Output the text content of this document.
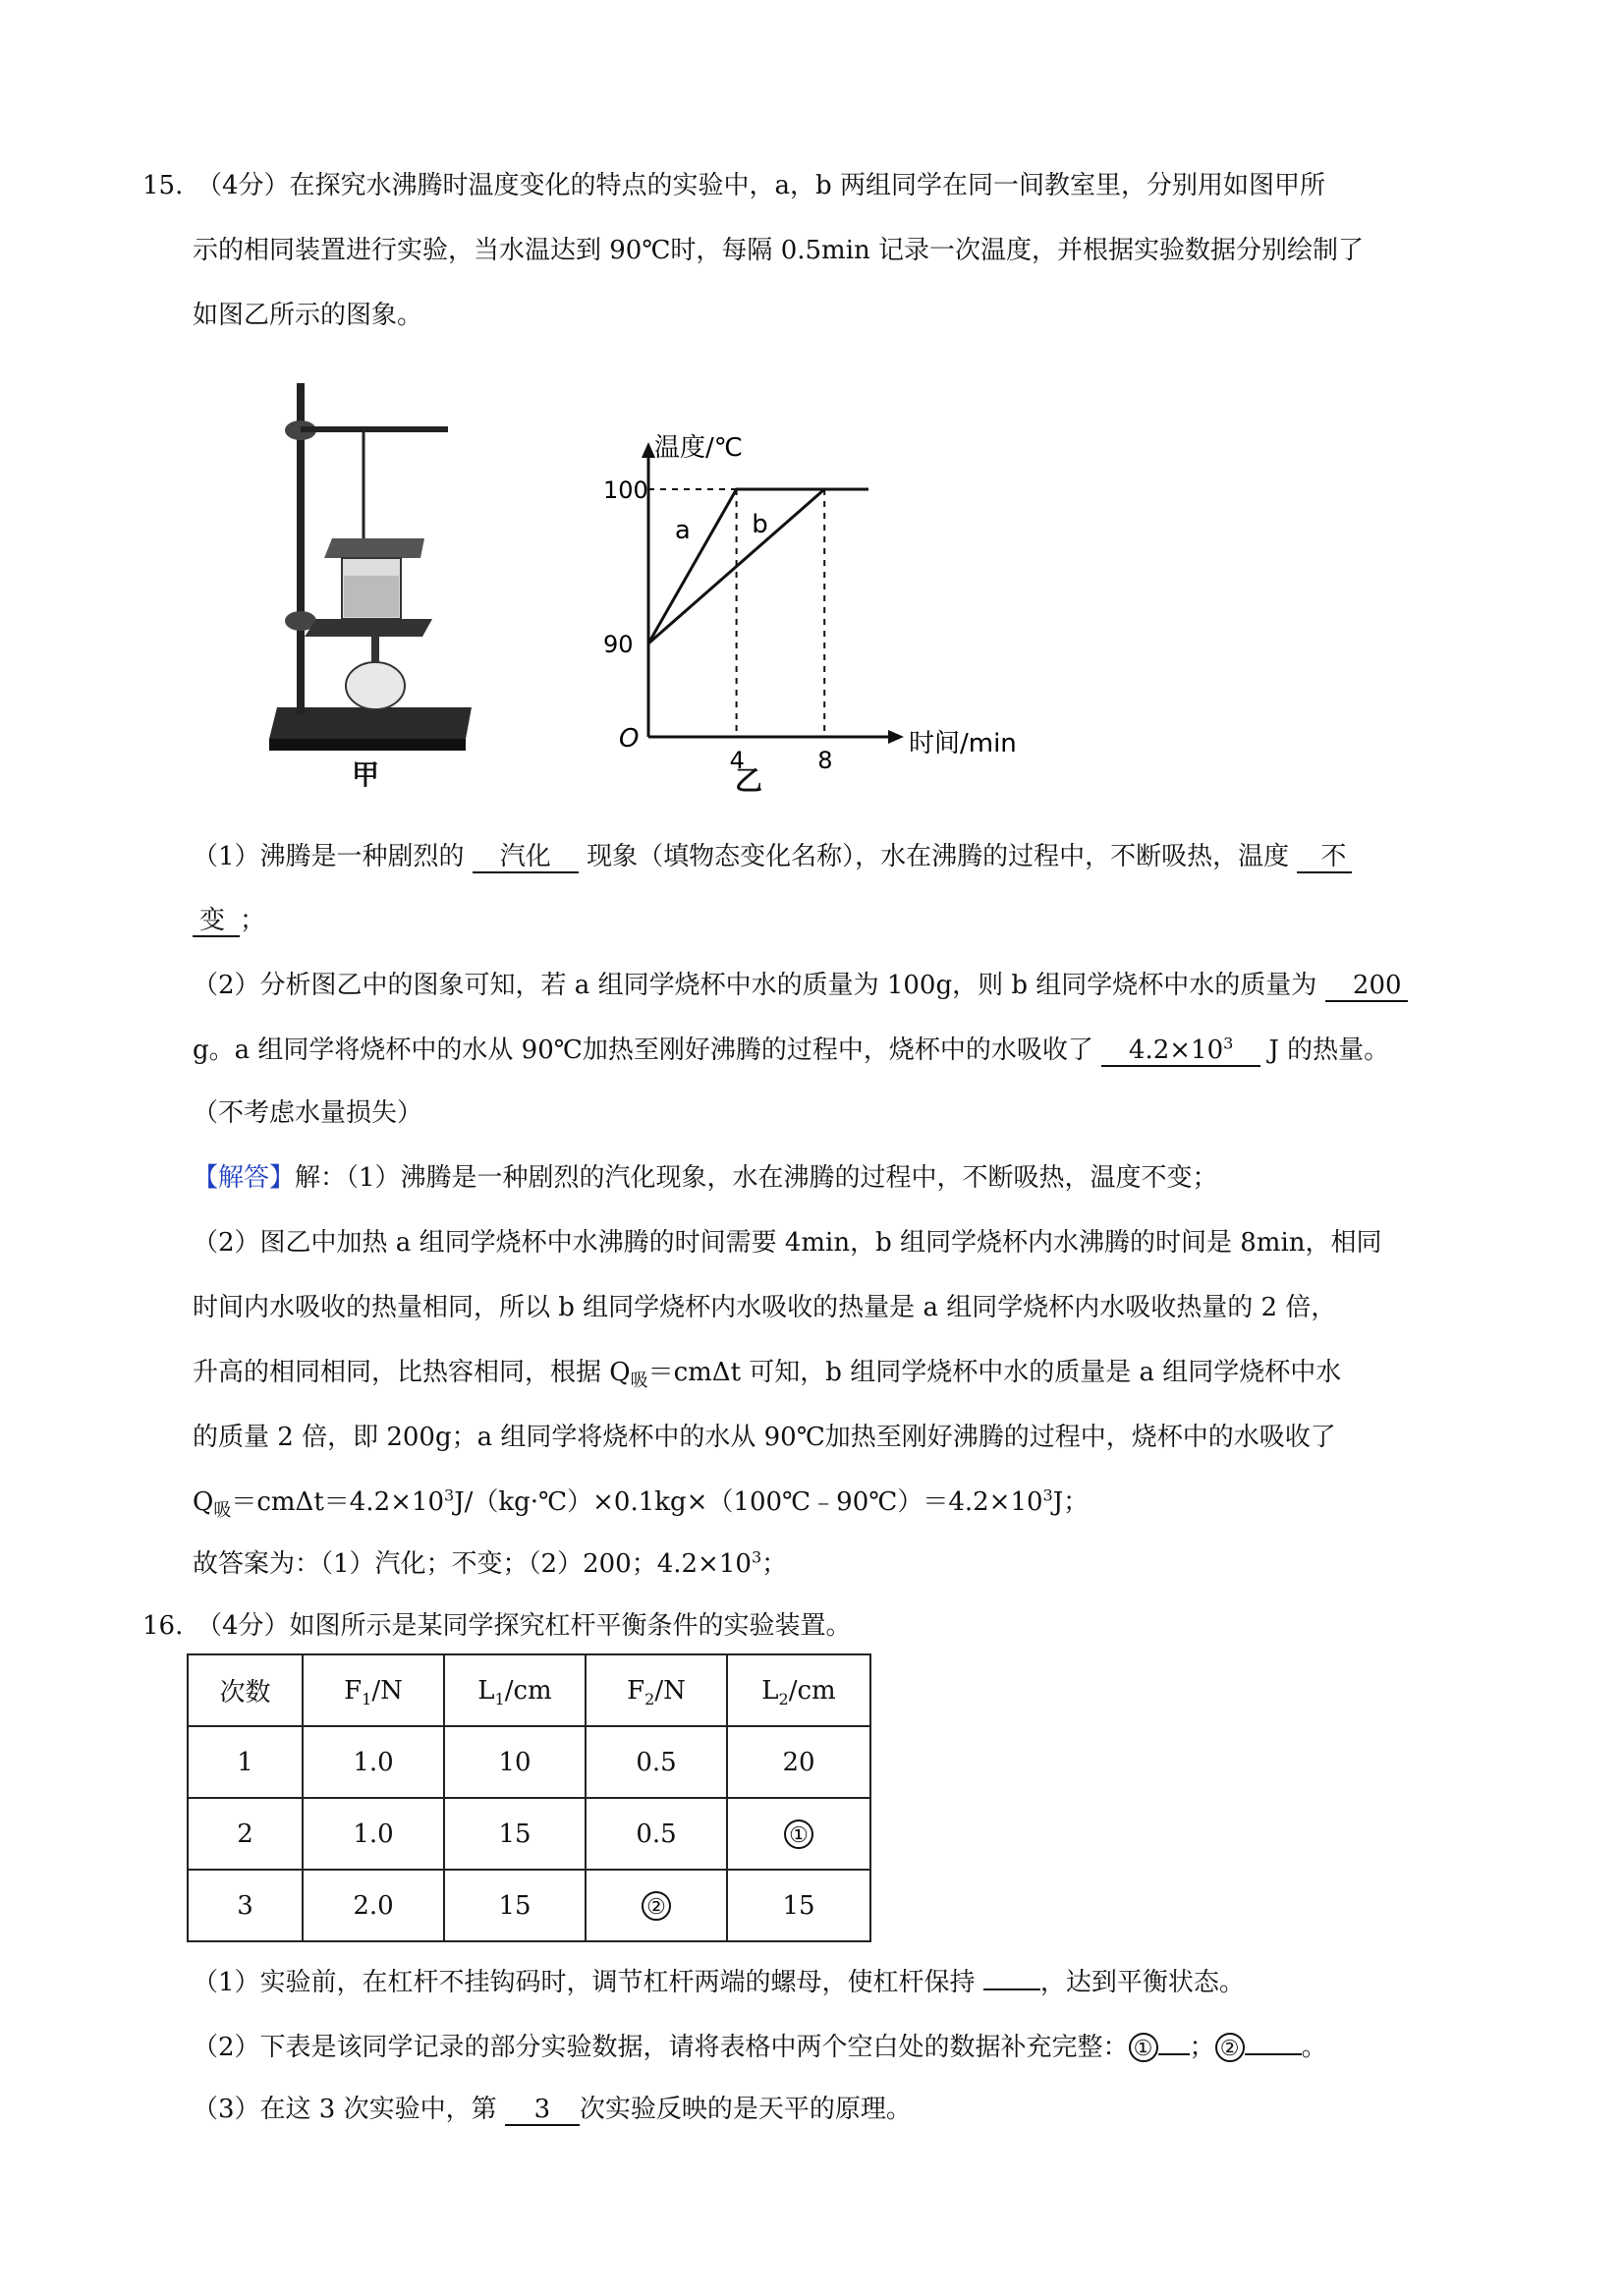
15. （4分）在探究水沸腾时温度变化的特点的实验中，a，b 两组同学在同一间教室里，分别用如图甲所
示的相同装置进行实验，当水温达到 90℃时，每隔 0.5min 记录一次温度，并根据实验数据分别绘制了
如图乙所示的图象。
甲
温度/℃
时间/min
O
90
100
4	8
a b
乙
（1）沸腾是一种剧烈的 汽化 现象（填物态变化名称），水在沸腾的过程中，不断吸热，温度 不
变 ；
（2）分析图乙中的图象可知，若 a 组同学烧杯中水的质量为 100g，则 b 组同学烧杯中水的质量为 200
g。a 组同学将烧杯中的水从 90℃加热至刚好沸腾的过程中，烧杯中的水吸收了 $4.2\times 10^3$ J 的热量。
（不考虑水量损失）
【解答】解：（1）沸腾是一种剧烈的汽化现象，水在沸腾的过程中，不断吸热，温度不变；
（2）图乙中加热 a 组同学烧杯中水沸腾的时间需要 4min，b 组同学烧杯内水沸腾的时间是 8min，相同
时间内水吸收的热量相同，所以 b 组同学烧杯内水吸收的热量是 a 组同学烧杯内水吸收热量的 2 倍，
升高的相同相同，比热容相同，根据 $Q_吸=cm\Delta t$ 可知，b 组同学烧杯中水的质量是 a 组同学烧杯中水
的质量 2 倍，即 200g；a 组同学将烧杯中的水从 90℃加热至刚好沸腾的过程中，烧杯中的水吸收了
$Q_吸=cm\Delta t=4.2\times 10^3J/(kg\cdot℃)\times 0.1kg\times(100℃﹣90℃)=4.2\times 10^3J$；
故答案为：（1）汽化；不变；（2）200；$4.2\times 10^3$；
16. （4分）如图所示是某同学探究杠杆平衡条件的实验装置。
次数	$F_1/N$	$L_1/cm$	$F_2/N$	$L_2/cm$
1	1.0	10	0.5	20
2	1.0	15	0.5	①
3	2.0	15	②	15
（1）实验前，在杠杆不挂钩码时，调节杠杆两端的螺母，使杠杆保持	，达到平衡状态。
（2）下表是该同学记录的部分实验数据，请将表格中两个空白处的数据补充完整： ① ； ② 。
（3）在这 3 次实验中，第 3 次实验反映的是天平的原理。
